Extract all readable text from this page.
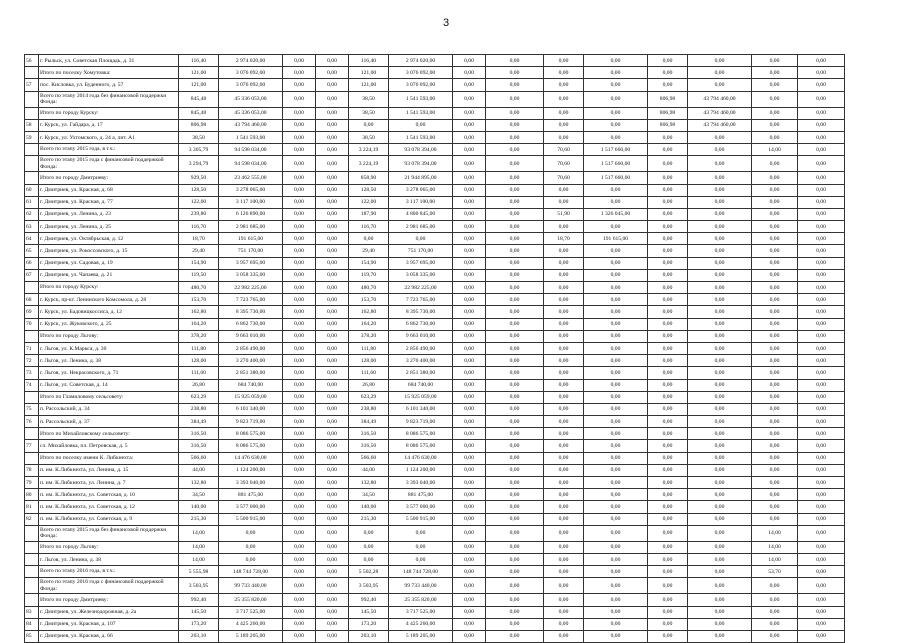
3
56	г. Рыльск, ул. Советская Площадь, д. 31	116,40	2 974 020,00	0,00	0,00	116,40	2 974 020,00	0,00	0,00	0,00	0,00	0,00	0,00	0,00	0,00
	Итого по поселку Хомутовка:	121,00	3 076 092,00	0,00	0,00	121,00	3 076 092,00	0,00	0,00	0,00	0,00	0,00	0,00	0,00	0,00
57	пос. Кисловка, ул. Буденного, д. 57	121,00	3 076 092,00	0,00	0,00	121,00	3 076 092,00	0,00	0,00	0,00	0,00	0,00	0,00	0,00	0,00
	Всего по этапу 2014 года без финансовой поддержки Фонда:	845,48	45 336 053,00	0,00	0,00	38,50	1 541 593,00	0,00	0,00	0,00	0,00	806,98	43 794 460,00	0,00	0,00
	Итого по городу Курску:	845,48	45 336 053,00	0,00	0,00	38,50	1 541 593,00	0,00	0,00	0,00	0,00	806,98	43 794 460,00	0,00	0,00
58	г. Курск, ул. Гайдара, д. 17	806,98	43 794 460,00	0,00	0,00	0,00	0,00	0,00	0,00	0,00	0,00	806,98	43 794 460,00	0,00	0,00
59	г. Курск, ул. Ухтомского, д. 24 а, лит. А1	38,50	1 541 593,00	0,00	0,00	38,50	1 541 593,00	0,00	0,00	0,00	0,00	0,00	0,00	0,00	0,00
	Всего по этапу 2015 года, в т.ч.:	3 305,79	94 598 034,00	0,00	0,00	3 224,19	93 078 394,00	0,00	0,00	70,60	1 517 660,00	0,00	0,00	14,00	0,00
	Всего по этапу 2015 года с финансовой поддержкой Фонда:	3 294,79	94 598 034,00	0,00	0,00	3 224,19	93 078 394,00	0,00	0,00	70,60	1 517 660,00	0,00	0,00	0,00	0,00
	Итого по городу Дмитриеву:	929,50	23 462 555,00	0,00	0,00	858,90	21 944 895,00	0,00	0,00	70,60	1 517 660,00	0,00	0,00	0,00	0,00
60	г. Дмитриев, ул. Красная, д. 68	128,50	3 278 065,00	0,00	0,00	128,50	3 278 065,00	0,00	0,00	0,00	0,00	0,00	0,00	0,00	0,00
61	г. Дмитриев, ул. Красная, д. 77	122,00	3 117 100,00	0,00	0,00	122,00	3 117 100,00	0,00	0,00	0,00	0,00	0,00	0,00	0,00	0,00
62	г. Дмитриев, ул. Ленина, д. 23	239,80	6 126 890,00	0,00	0,00	187,90	4 800 845,00	0,00	0,00	51,90	1 326 045,00	0,00	0,00	0,00	0,00
63	г. Дмитриев, ул. Ленина, д. 25	116,70	2 981 685,00	0,00	0,00	116,70	2 981 685,00	0,00	0,00	0,00	0,00	0,00	0,00	0,00	0,00
64	г. Дмитриев, ул. Октябрьская, д. 12	18,70	191 615,00	0,00	0,00	0,00	0,00	0,00	0,00	18,70	191 615,00	0,00	0,00	0,00	0,00
65	г. Дмитриев, ул. Рокоссовского, д. 15	29,40	751 170,00	0,00	0,00	29,40	751 170,00	0,00	0,00	0,00	0,00	0,00	0,00	0,00	0,00
66	г. Дмитриев, ул. Садовая, д. 19	154,90	3 957 695,00	0,00	0,00	154,90	3 957 695,00	0,00	0,00	0,00	0,00	0,00	0,00	0,00	0,00
67	г. Дмитриев, ул. Чапаева, д. 21	119,50	3 058 335,00	0,00	0,00	119,70	3 058 335,00	0,00	0,00	0,00	0,00	0,00	0,00	0,00	0,00
	Итого по городу Курску:	480,70	22 982 225,00	0,00	0,00	480,70	22 982 225,00	0,00	0,00	0,00	0,00	0,00	0,00	0,00	0,00
68	г. Курск, пр-кт. Ленинского Комсомола, д. 28	153,70	7 723 765,00	0,00	0,00	153,70	7 723 765,00	0,00	0,00	0,00	0,00	0,00	0,00	0,00	0,00
69	г. Курск, ул. Бадовицкоссиса, д. 12	162,80	8 395 730,00	0,00	0,00	162,80	8 395 730,00	0,00	0,00	0,00	0,00	0,00	0,00	0,00	0,00
70	г. Курск, ул. Жуковского, д. 25	164,20	6 862 730,00	0,00	0,00	164,20	6 862 730,00	0,00	0,00	0,00	0,00	0,00	0,00	0,00	0,00
	Итого по городу Льгову:	378,20	9 663 010,00	0,00	0,00	378,20	9 663 010,00	0,00	0,00	0,00	0,00	0,00	0,00	0,00	0,00
71	г. Льгов, ул. К.Маркса, д. 30	111,80	2 856 490,00	0,00	0,00	111,80	2 856 490,00	0,00	0,00	0,00	0,00	0,00	0,00	0,00	0,00
72	г. Льгов, ул. Ленина, д. 38	128,00	3 270 400,00	0,00	0,00	128,00	3 270 400,00	0,00	0,00	0,00	0,00	0,00	0,00	0,00	0,00
73	г. Льгов, ул. Некрасовского, д. 71	111,60	2 851 380,00	0,00	0,00	111,60	2 851 380,00	0,00	0,00	0,00	0,00	0,00	0,00	0,00	0,00
74	г. Льгов, ул. Советская, д. 14	26,80	684 740,00	0,00	0,00	26,80	684 740,00	0,00	0,00	0,00	0,00	0,00	0,00	0,00	0,00
	Итого по Гламиловому сельсовету:	623,29	15 925 059,00	0,00	0,00	623,29	15 925 059,00	0,00	0,00	0,00	0,00	0,00	0,00	0,00	0,00
75	п. Рассольский, д. 34	238,80	6 101 340,00	0,00	0,00	238,80	6 101 340,00	0,00	0,00	0,00	0,00	0,00	0,00	0,00	0,00
76	п. Рассольский, д. 37	384,49	9 823 719,00	0,00	0,00	384,49	9 823 719,00	0,00	0,00	0,00	0,00	0,00	0,00	0,00	0,00
	Итого по Михайловскому сельсовету:	316,50	8 086 575,00	0,00	0,00	316,50	8 086 575,00	0,00	0,00	0,00	0,00	0,00	0,00	0,00	0,00
77	сл. Михайловка, пл. Петровская, д. 5	316,50	8 086 575,00	0,00	0,00	316,50	8 086 575,00	0,00	0,00	0,00	0,00	0,00	0,00	0,00	0,00
	Итого по поселку имени К. Либкнехта:	566,60	14 476 630,00	0,00	0,00	566,60	14 476 630,00	0,00	0,00	0,00	0,00	0,00	0,00	0,00	0,00
78	п. им. К.Либкнехта, ул. Ленина, д. 15	44,00	1 124 200,00	0,00	0,00	44,00	1 124 200,00	0,00	0,00	0,00	0,00	0,00	0,00	0,00	0,00
79	п. им. К.Либкнехта, ул. Ленина, д. 7	132,80	3 393 040,00	0,00	0,00	132,80	3 393 040,00	0,00	0,00	0,00	0,00	0,00	0,00	0,00	0,00
80	п. им. К.Либкнехта, ул. Советская, д. 10	34,50	881 475,00	0,00	0,00	34,50	881 475,00	0,00	0,00	0,00	0,00	0,00	0,00	0,00	0,00
81	п. им. К.Либкнехта, ул. Советская, д. 12	140,00	3 577 000,00	0,00	0,00	140,00	3 577 000,00	0,00	0,00	0,00	0,00	0,00	0,00	0,00	0,00
82	п. им. К.Либкнехта, ул. Советская, д. 9	215,30	5 500 915,00	0,00	0,00	215,30	5 500 915,00	0,00	0,00	0,00	0,00	0,00	0,00	0,00	0,00
	Всего по этапу 2015 года без финансовой поддержки Фонда:	14,00	0,00	0,00	0,00	0,00	0,00	0,00	0,00	0,00	0,00	0,00	0,00	14,00	0,00
	Итого по городу Льгову:	14,00	0,00	0,00	0,00	0,00	0,00	0,00	0,00	0,00	0,00	0,00	0,00	14,00	0,00
	г. Льгов, ул. Ленина, д. 38	14,00	0,00	0,00	0,00	0,00	0,00	0,00	0,00	0,00	0,00	0,00	0,00	14,00	0,00
	Всего по этапу 2016 года, в т.ч.:	5 555,98	148 744 728,00	0,00	0,00	5 502,28	148 744 728,00	0,00	0,00	0,00	0,00	0,00	0,00	53,70	0,00
	Всего по этапу 2016 года с финансовой поддержкой Фонда:	3 503,95	99 733 440,00	0,00	0,00	3 503,95	99 733 440,00	0,00	0,00	0,00	0,00	0,00	0,00	0,00	0,00
	Итого по городу Дмитриеву:	992,40	25 355 820,00	0,00	0,00	992,40	25 355 820,00	0,00	0,00	0,00	0,00	0,00	0,00	0,00	0,00
83	г. Дмитриев, ул. Железнодорожная, д. 2а	145,50	3 717 525,00	0,00	0,00	145,50	3 717 525,00	0,00	0,00	0,00	0,00	0,00	0,00	0,00	0,00
84	г. Дмитриев, ул. Красная, д. 107	173,20	4 425 260,00	0,00	0,00	173,20	4 425 260,00	0,00	0,00	0,00	0,00	0,00	0,00	0,00	0,00
85	г. Дмитриев, ул. Красная, д. 66	203,10	5 189 205,00	0,00	0,00	203,10	5 189 205,00	0,00	0,00	0,00	0,00	0,00	0,00	0,00	0,00
